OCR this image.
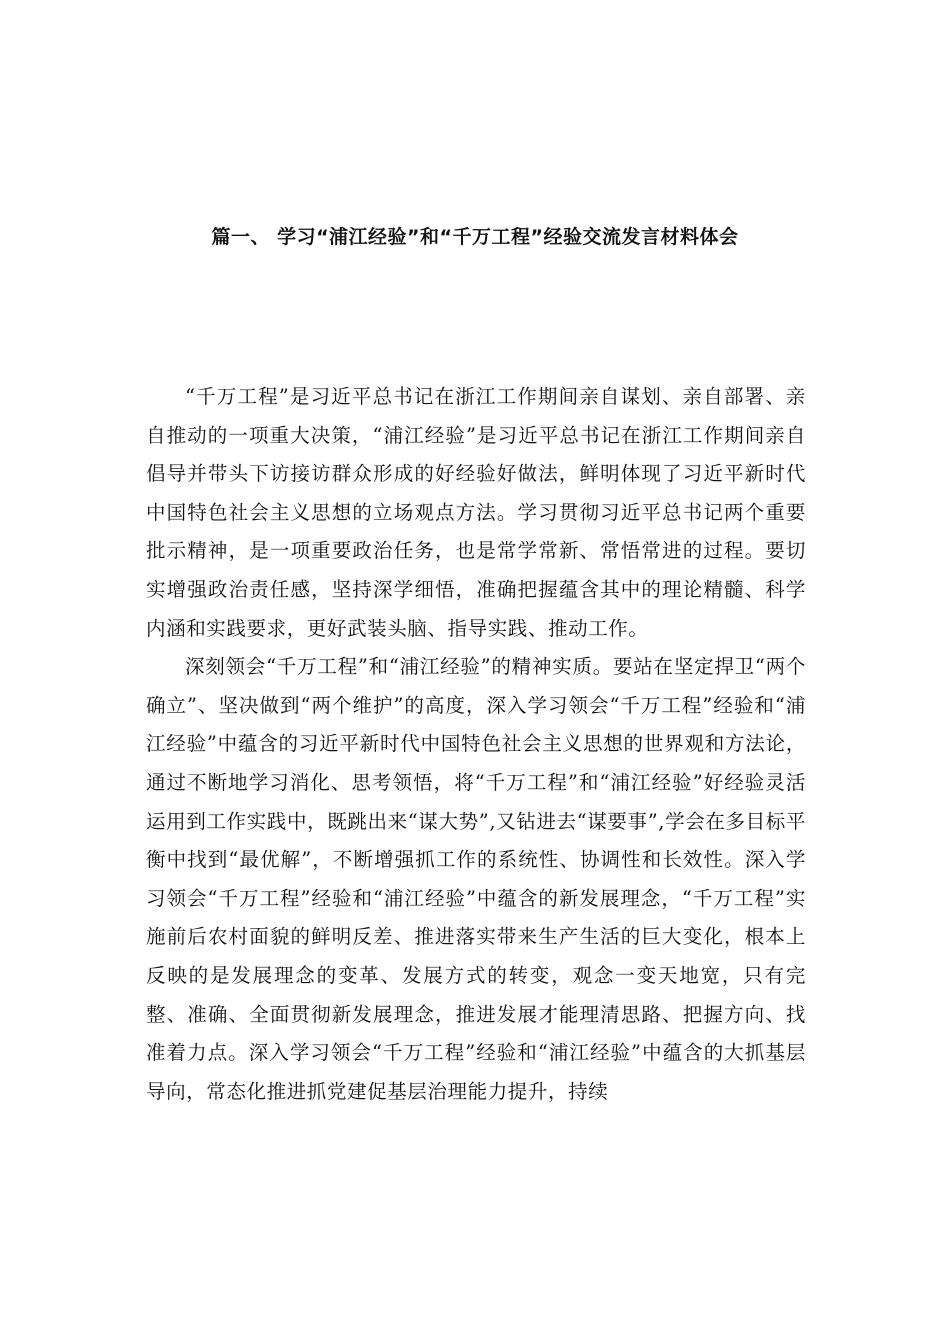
篇一、 学习“浦江经验”和“千万工程”经验交流发言材料体会

“千万工程”是习近平总书记在浙江工作期间亲自谋划、亲自部署、亲自推动的一项重大决策，“浦江经验”是习近平总书记在浙江工作期间亲自倡导并带头下访接访群众形成的好经验好做法，鲜明体现了习近平新时代中国特色社会主义思想的立场观点方法。学习贯彻习近平总书记两个重要批示精神，是一项重要政治任务，也是常学常新、常悟常进的过程。要切实增强政治责任感，坚持深学细悟，准确把握蕴含其中的理论精髓、科学内涵和实践要求，更好武装头脑、指导实践、推动工作。

深刻领会“千万工程”和“浦江经验”的精神实质。要站在坚定捍卫“两个确立”、坚决做到“两个维护”的高度，深入学习领会“千万工程”经验和“浦江经验”中蕴含的习近平新时代中国特色社会主义思想的世界观和方法论，通过不断地学习消化、思考领悟，将“千万工程”和“浦江经验”好经验灵活运用到工作实践中，既跳出来“谋大势”,又钻进去“谋要事”,学会在多目标平衡中找到“最优解”，不断增强抓工作的系统性、协调性和长效性。深入学习领会“千万工程”经验和“浦江经验”中蕴含的新发展理念，“千万工程”实施前后农村面貌的鲜明反差、推进落实带来生产生活的巨大变化，根本上反映的是发展理念的变革、发展方式的转变，观念一变天地宽，只有完整、准确、全面贯彻新发展理念，推进发展才能理清思路、把握方向、找准着力点。深入学习领会“千万工程”经验和“浦江经验”中蕴含的大抓基层导向，常态化推进抓党建促基层治理能力提升，持续
